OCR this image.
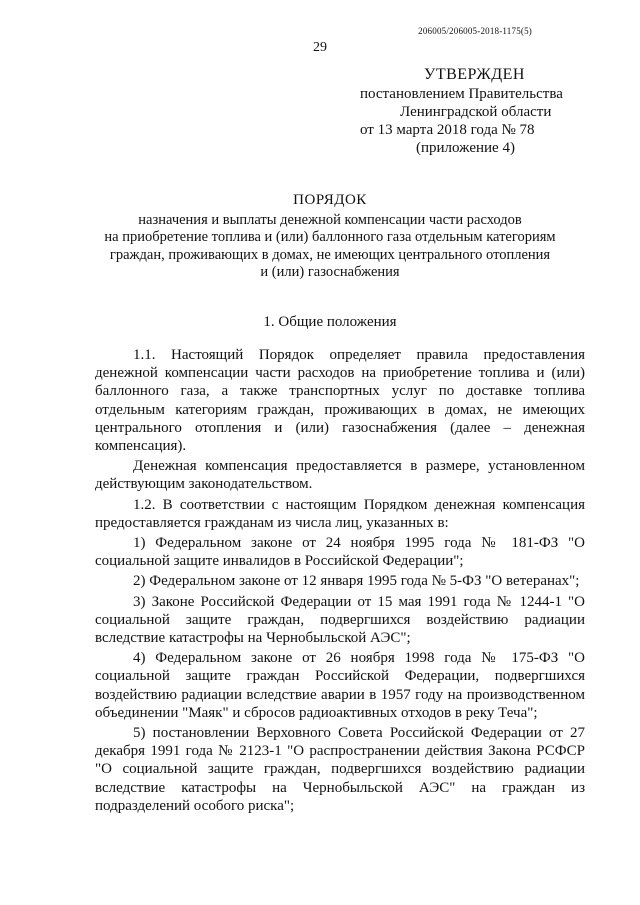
206005/206005-2018-1175(5)
29
УТВЕРЖДЕН
постановлением Правительства
Ленинградской области
от 13 марта 2018 года № 78
(приложение 4)
ПОРЯДОК
назначения и выплаты денежной компенсации части расходов
на приобретение топлива и (или) баллонного газа отдельным категориям
граждан, проживающих в домах, не имеющих центрального отопления
и (или) газоснабжения
1. Общие положения

1.1. Настоящий Порядок определяет правила предоставления денежной компенсации части расходов на приобретение топлива и (или) баллонного газа, а также транспортных услуг по доставке топлива отдельным категориям граждан, проживающих в домах, не имеющих центрального отопления и (или) газоснабжения (далее – денежная компенсация).

Денежная компенсация предоставляется в размере, установленном действующим законодательством.

1.2. В соответствии с настоящим Порядком денежная компенсация предоставляется гражданам из числа лиц, указанных в:

1) Федеральном законе от 24 ноября 1995 года № 181-ФЗ "О социальной защите инвалидов в Российской Федерации";

2) Федеральном законе от 12 января 1995 года № 5-ФЗ "О ветеранах";

3) Законе Российской Федерации от 15 мая 1991 года № 1244-1 "О социальной защите граждан, подвергшихся воздействию радиации вследствие катастрофы на Чернобыльской АЭС";

4) Федеральном законе от 26 ноября 1998 года № 175-ФЗ "О социальной защите граждан Российской Федерации, подвергшихся воздействию радиации вследствие аварии в 1957 году на производственном объединении "Маяк" и сбросов радиоактивных отходов в реку Теча";

5) постановлении Верховного Совета Российской Федерации от 27 декабря 1991 года № 2123-1 "О распространении действия Закона РСФСР "О социальной защите граждан, подвергшихся воздействию радиации вследствие катастрофы на Чернобыльской АЭС" на граждан из подразделений особого риска";
